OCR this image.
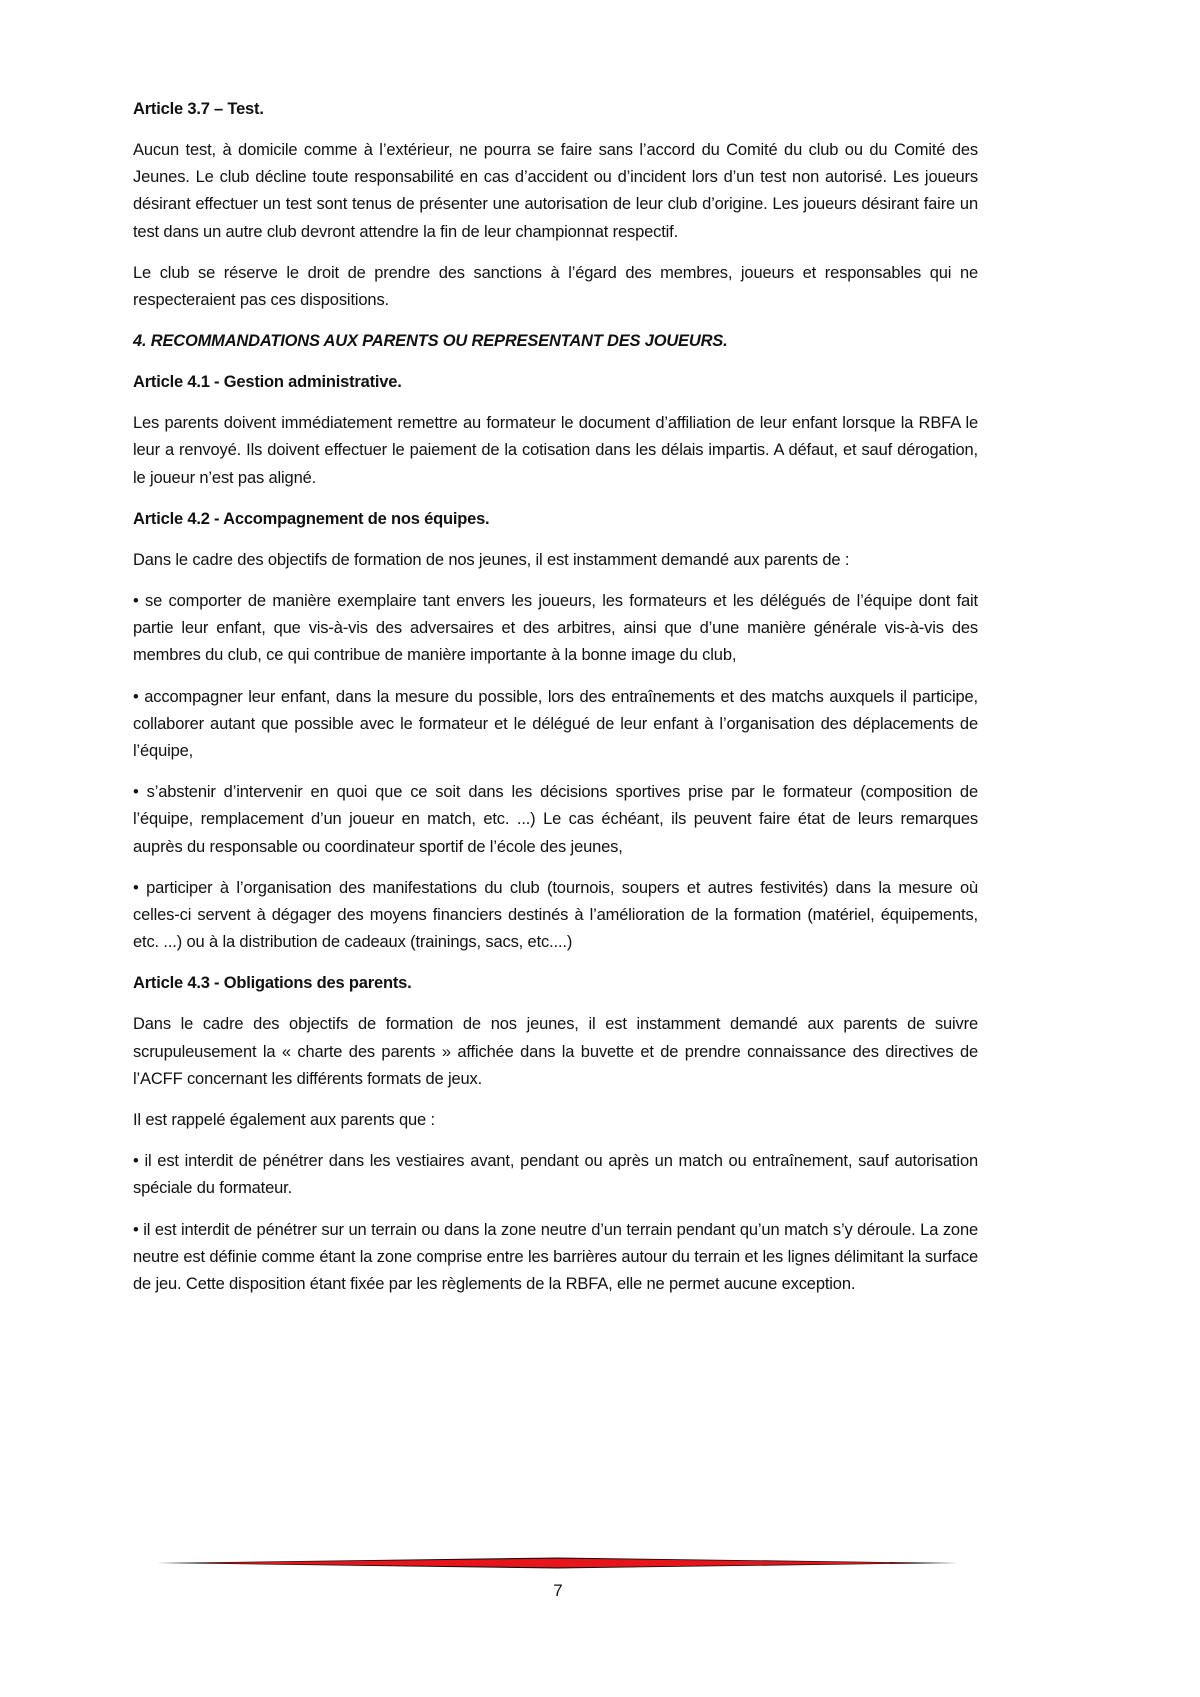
Article 3.7 – Test.

Aucun test, à domicile comme à l’extérieur, ne pourra se faire sans l’accord du Comité du club ou du Comité des Jeunes. Le club décline toute responsabilité en cas d’accident ou d’incident lors d’un test non autorisé. Les joueurs désirant effectuer un test sont tenus de présenter une autorisation de leur club d’origine. Les joueurs désirant faire un test dans un autre club devront attendre la fin de leur championnat respectif.

Le club se réserve le droit de prendre des sanctions à l’égard des membres, joueurs et responsables qui ne respecteraient pas ces dispositions.

4. RECOMMANDATIONS AUX PARENTS OU REPRESENTANT DES JOUEURS.
Article 4.1 - Gestion administrative.

Les parents doivent immédiatement remettre au formateur le document d’affiliation de leur enfant lorsque la RBFA le leur a renvoyé. Ils doivent effectuer le paiement de la cotisation dans les délais impartis. A défaut, et sauf dérogation, le joueur n’est pas aligné.

Article 4.2 - Accompagnement de nos équipes.

Dans le cadre des objectifs de formation de nos jeunes, il est instamment demandé aux parents de :

• se comporter de manière exemplaire tant envers les joueurs, les formateurs et les délégués de l’équipe dont fait partie leur enfant, que vis-à-vis des adversaires et des arbitres, ainsi que d’une manière générale vis-à-vis des membres du club, ce qui contribue de manière importante à la bonne image du club,

• accompagner leur enfant, dans la mesure du possible, lors des entraînements et des matchs auxquels il participe, collaborer autant que possible avec le formateur et le délégué de leur enfant à l’organisation des déplacements de l’équipe,

• s’abstenir d’intervenir en quoi que ce soit dans les décisions sportives prise par le formateur (composition de l’équipe, remplacement d’un joueur en match, etc. ...) Le cas échéant, ils peuvent faire état de leurs remarques auprès du responsable ou coordinateur sportif de l’école des jeunes,

• participer à l’organisation des manifestations du club (tournois, soupers et autres festivités) dans la mesure où celles-ci servent à dégager des moyens financiers destinés à l’amélioration de la formation (matériel, équipements, etc. ...) ou à la distribution de cadeaux (trainings, sacs, etc....)

Article 4.3 - Obligations des parents.

Dans le cadre des objectifs de formation de nos jeunes, il est instamment demandé aux parents de suivre scrupuleusement la « charte des parents » affichée dans la buvette et de prendre connaissance des directives de l’ACFF concernant les différents formats de jeux.

Il est rappelé également aux parents que :

• il est interdit de pénétrer dans les vestiaires avant, pendant ou après un match ou entraînement, sauf autorisation spéciale du formateur.

• il est interdit de pénétrer sur un terrain ou dans la zone neutre d’un terrain pendant qu’un match s’y déroule. La zone neutre est définie comme étant la zone comprise entre les barrières autour du terrain et les lignes délimitant la surface de jeu. Cette disposition étant fixée par les règlements de la RBFA, elle ne permet aucune exception.

7
